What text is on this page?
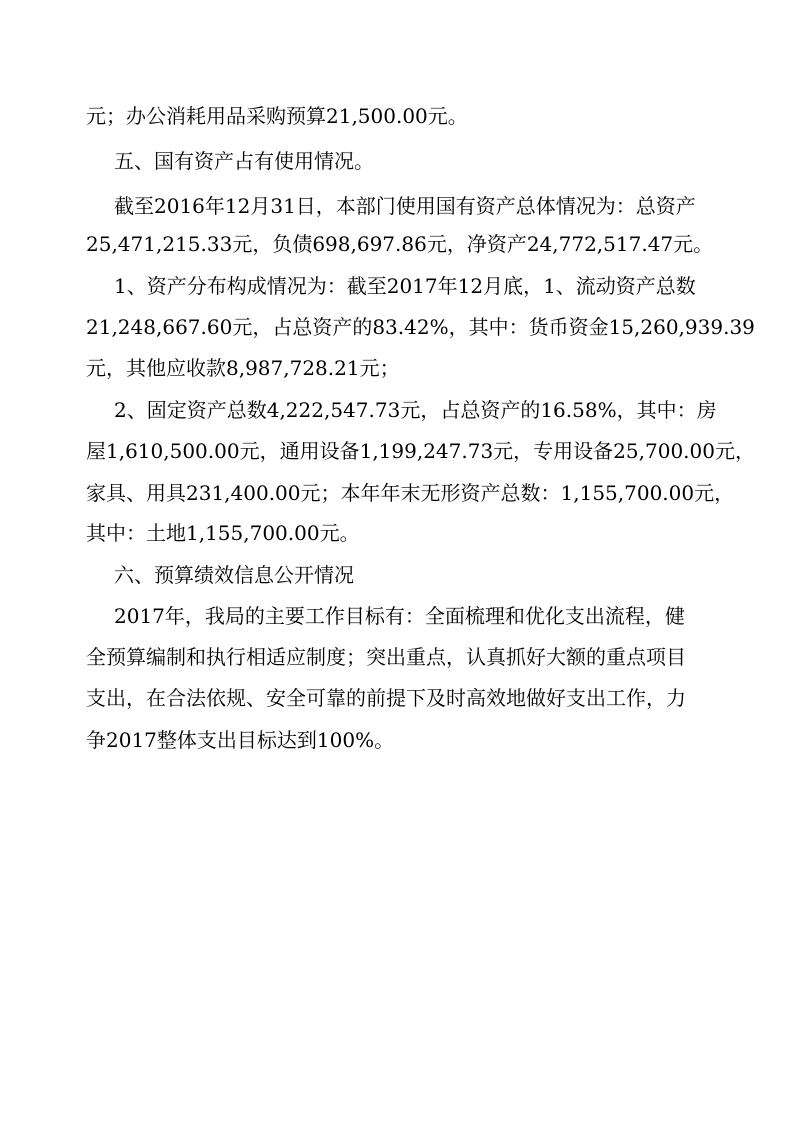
元；办公消耗用品采购预算21,500.00元。

五、国有资产占有使用情况。

截至2016年12月31日，本部门使用国有资产总体情况为：总资产

25,471,215.33元，负债698,697.86元，净资产24,772,517.47元。

1、资产分布构成情况为：截至2017年12月底，1、流动资产总数

21,248,667.60元，占总资产的83.42%，其中：货币资金15,260,939.39

元，其他应收款8,987,728.21元；

2、固定资产总数4,222,547.73元，占总资产的16.58%，其中：房

屋1,610,500.00元，通用设备1,199,247.73元，专用设备25,700.00元，

家具、用具231,400.00元；本年年末无形资产总数：1,155,700.00元，

其中：土地1,155,700.00元。

六、预算绩效信息公开情况

2017年，我局的主要工作目标有：全面梳理和优化支出流程，健

全预算编制和执行相适应制度；突出重点，认真抓好大额的重点项目

支出，在合法依规、安全可靠的前提下及时高效地做好支出工作，力

争2017整体支出目标达到100%。
